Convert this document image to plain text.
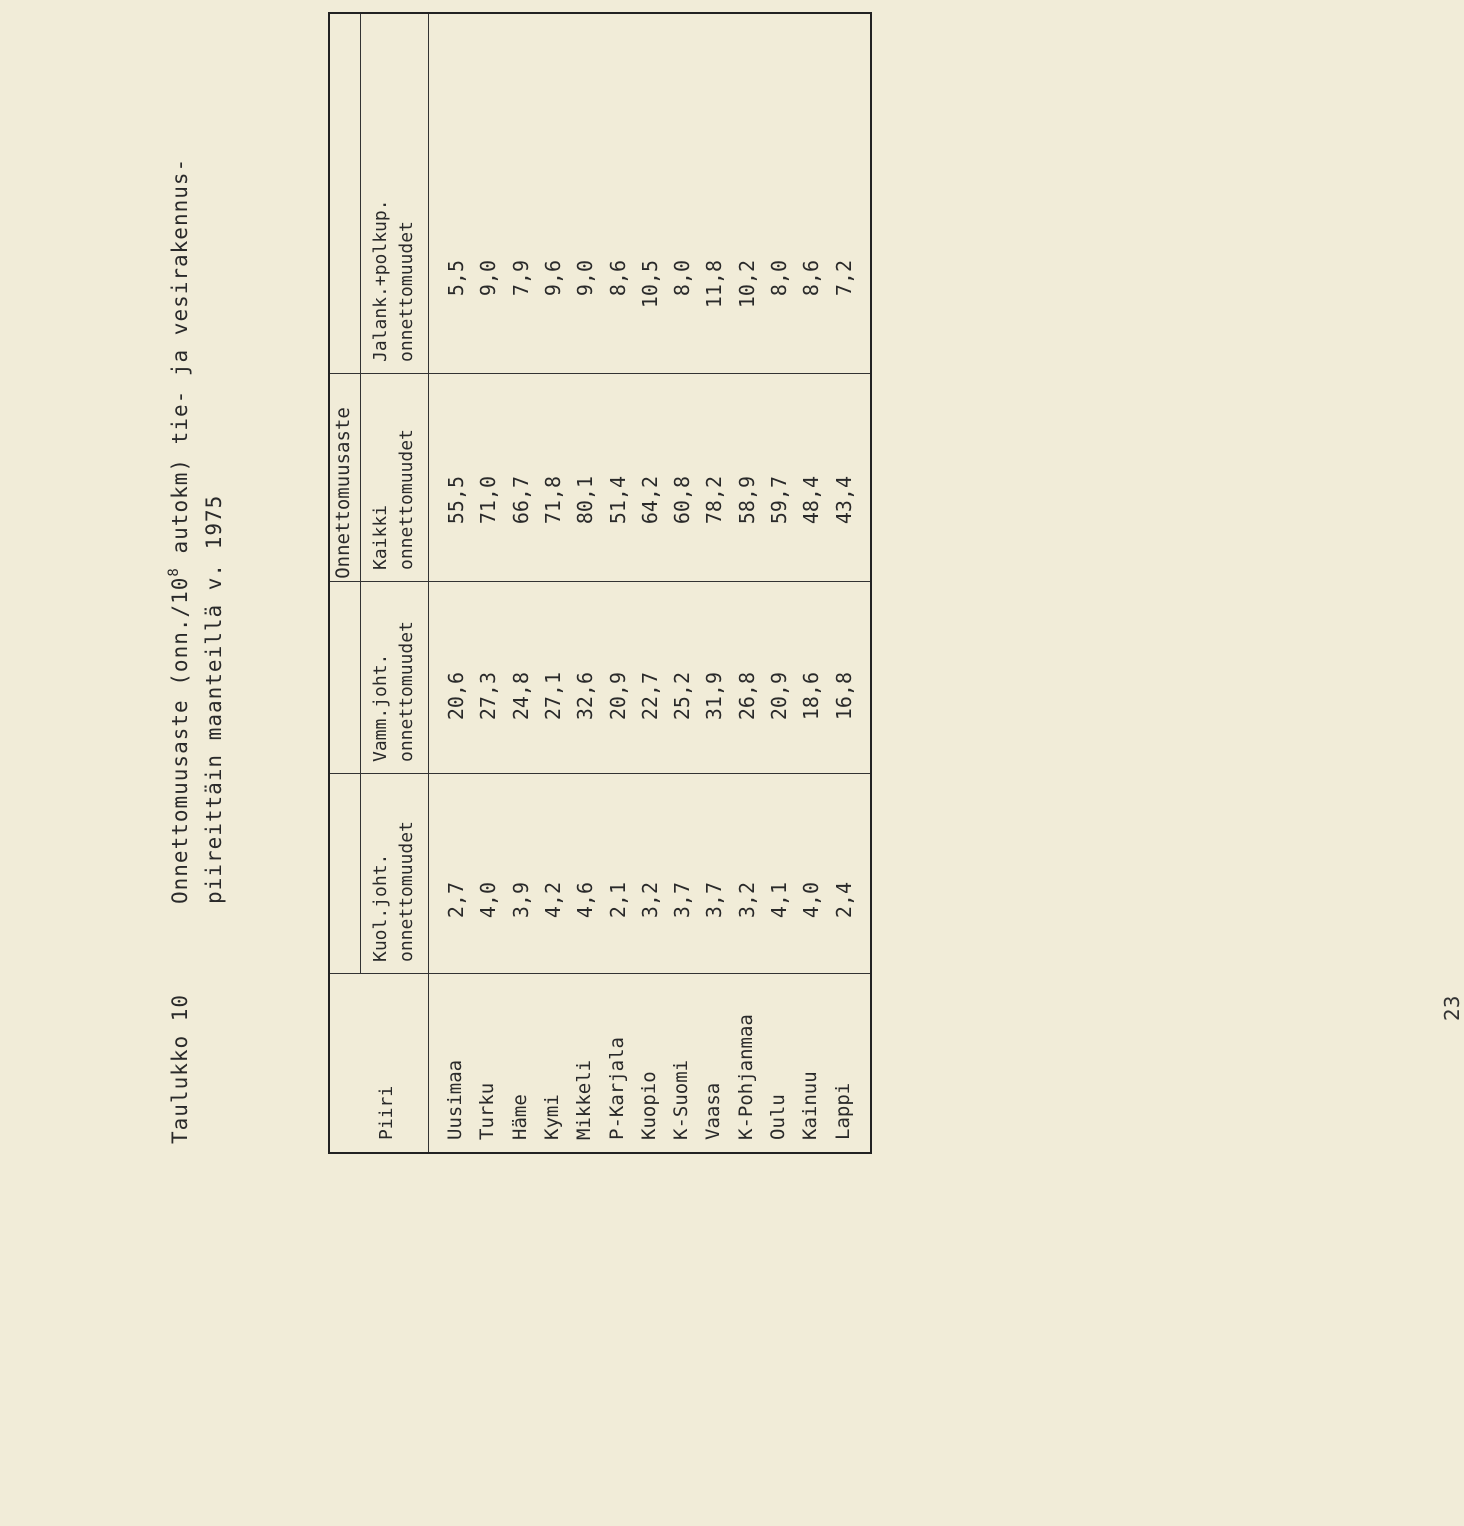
Taulukko 10
Onnettomuusaste ($onn./10^8$ autokm) tie- ja vesirakennus-
piireittäin maanteillä v. 1975
Onnettomuusaste
Piiri
Kuol.joht. onnettomuudet
Vamm.joht. onnettomuudet
Kaikki onnettomuudet
Jalank.+polkup. onnettomuudet
Uusimaa
2,7
20,6
55,5
5,5
Turku
4,0
27,3
71,0
9,0
Häme
3,9
24,8
66,7
7,9
Kymi
4,2
27,1
71,8
9,6
Mikkeli
4,6
32,6
80,1
9,0
P-Karjala
2,1
20,9
51,4
8,6
Kuopio
3,2
22,7
64,2
10,5
K-Suomi
3,7
25,2
60,8
8,0
Vaasa
3,7
31,9
78,2
11,8
K-Pohjanmaa
3,2
26,8
58,9
10,2
Oulu
4,1
20,9
59,7
8,0
Kainuu
4,0
18,6
48,4
8,6
Lappi
2,4
16,8
43,4
7,2
23
